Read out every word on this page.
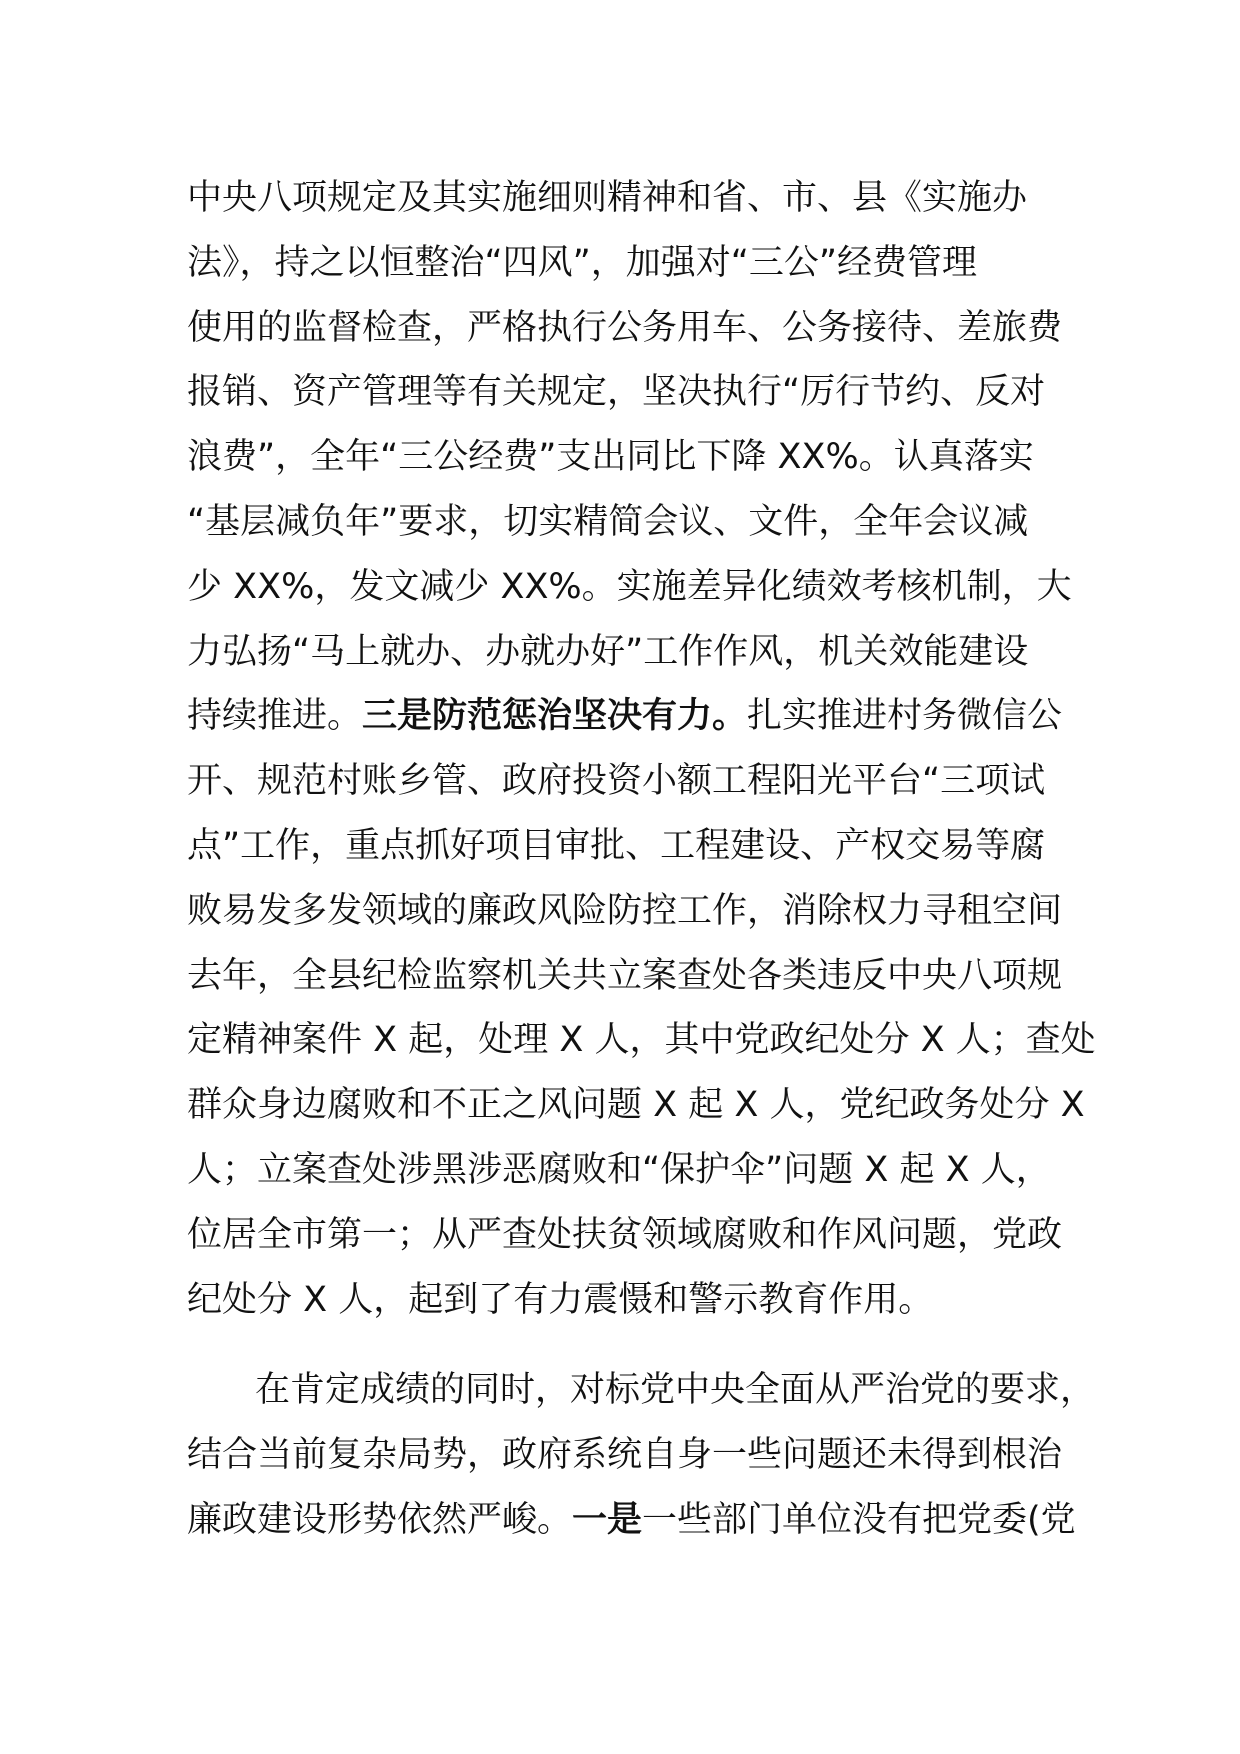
中央八项规定及其实施细则精神和省、市、县《实施办
法》，持之以恒整治“四风”，加强对“三公”经费管理
使用的监督检查，严格执行公务用车、公务接待、差旅费
报销、资产管理等有关规定，坚决执行“厉行节约、反对
浪费”，全年“三公经费”支出同比下降 XX%。认真落实
“基层减负年”要求，切实精简会议、文件，全年会议减
少 XX%，发文减少 XX%。实施差异化绩效考核机制，大
力弘扬“马上就办、办就办好”工作作风，机关效能建设
持续推进。三是防范惩治坚决有力。扎实推进村务微信公
开、规范村账乡管、政府投资小额工程阳光平台“三项试
点”工作，重点抓好项目审批、工程建设、产权交易等腐
败易发多发领域的廉政风险防控工作，消除权力寻租空间
去年，全县纪检监察机关共立案查处各类违反中央八项规
定精神案件 X 起，处理 X 人，其中党政纪处分 X 人；查处
群众身边腐败和不正之风问题 X 起 X 人，党纪政务处分 X
人；立案查处涉黑涉恶腐败和“保护伞”问题 X 起 X 人，
位居全市第一；从严查处扶贫领域腐败和作风问题，党政
纪处分 X 人，起到了有力震慑和警示教育作用。
在肯定成绩的同时，对标党中央全面从严治党的要求，
结合当前复杂局势，政府系统自身一些问题还未得到根治
廉政建设形势依然严峻。一是一些部门单位没有把党委(党
